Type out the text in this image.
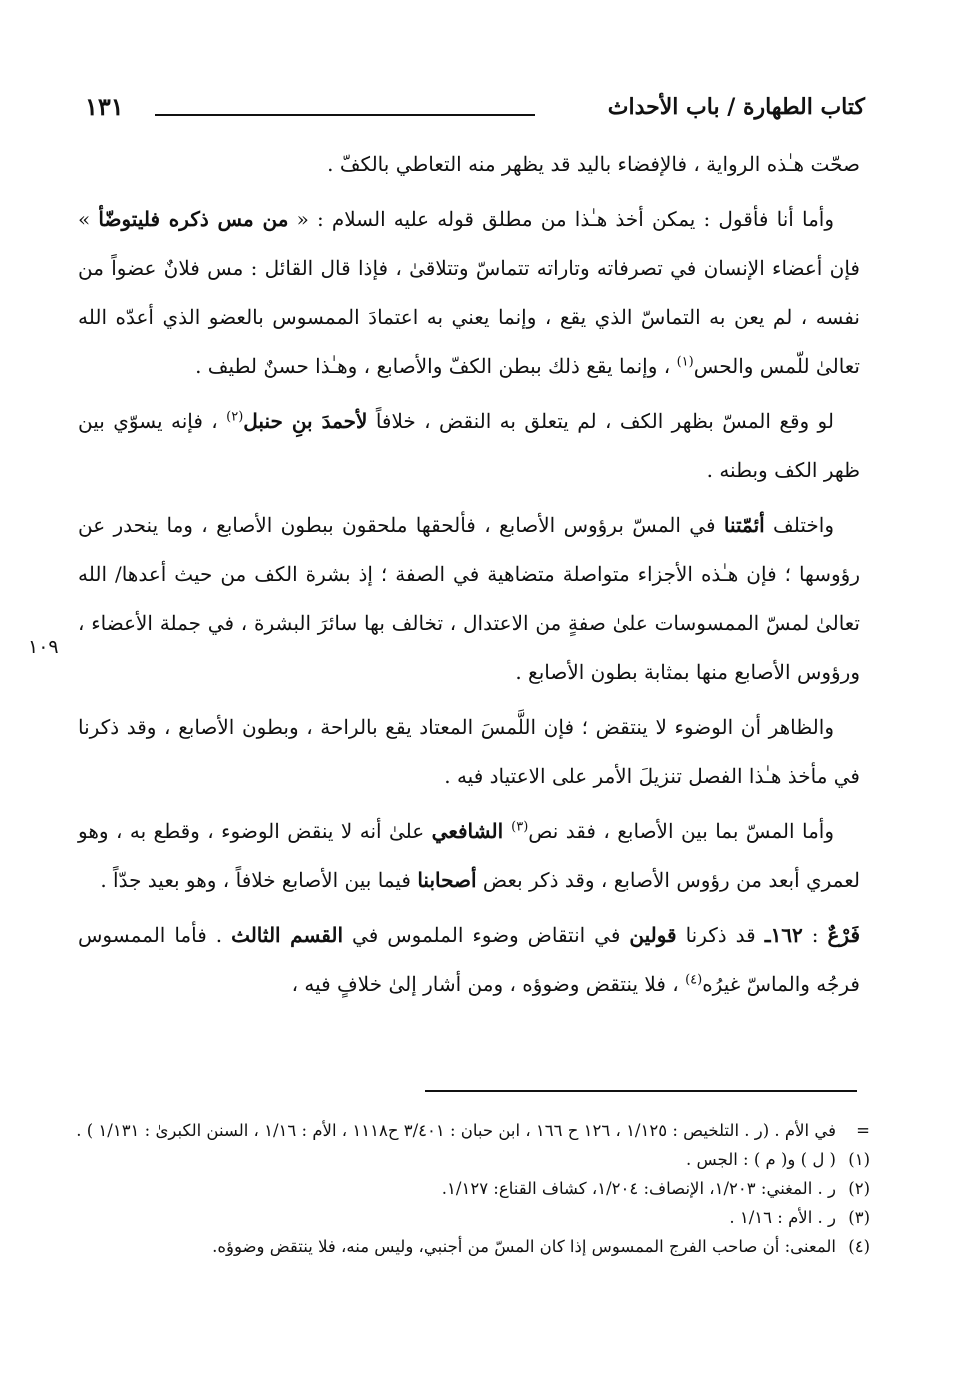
كتاب الطهارة / باب الأحداث
١٣١
١٠٩

صحّت هـٰذه الرواية ، فالإفضاء باليد قد يظهر منه التعاطي بالكفّ .

وأما أنا فأقول : يمكن أخذ هـٰذا من مطلق قوله عليه السلام : « من مس ذكره فليتوضّأ » فإن أعضاء الإنسان في تصرفاته وتاراته تتماسّ وتتلاقىٰ ، فإذا قال القائل : مس فلانٌ عضواً من نفسه ، لم يعن به التماسّ الذي يقع ، وإنما يعني به اعتمادَ الممسوس بالعضو الذي أعدّه الله تعالىٰ للّمس والحس$^{(١)}$ ، وإنما يقع ذلك ببطن الكفّ والأصابع ، وهـٰذا حسنٌ لطيف .

لو وقع المسّ بظهر الكف ، لم يتعلق به النقض ، خلافاً لأحمدَ بنِ حنبل$^{(٢)}$ ، فإنه يسوّي بين ظهر الكف وبطنه .

واختلف أئمّتنا في المسّ برؤوس الأصابع ، فألحقها ملحقون ببطون الأصابع ، وما ينحدر عن رؤوسها ؛ فإن هـٰذه الأجزاء متواصلة متضاهية في الصفة ؛ إذ بشرة الكف من حيث أعدها/ الله تعالىٰ لمسّ الممسوسات علىٰ صفةٍ من الاعتدال ، تخالف بها سائرَ البشرة ، في جملة الأعضاء ، ورؤوس الأصابع منها بمثابة بطون الأصابع .

والظاهر أن الوضوء لا ينتقض ؛ فإن اللَّمسَ المعتاد يقع بالراحة ، وبطون الأصابع ، وقد ذكرنا في مأخذ هـٰذا الفصل تنزيلَ الأمر على الاعتياد فيه .

وأما المسّ بما بين الأصابع ، فقد نص$^{(٣)}$ الشافعي علىٰ أنه لا ينقض الوضوء ، وقطع به ، وهو لعمري أبعد من رؤوس الأصابع ، وقد ذكر بعض أصحابنا فيما بين الأصابع خلافاً ، وهو بعيد جدّاً .

فَرْعٌ : ١٦٢ـ قد ذكرنا قولين في انتقاض وضوء الملموس في القسم الثالث . فأما الممسوس فرجُه والماسّ غيرُه$^{(٤)}$ ، فلا ينتقض وضوؤه ، ومن أشار إلىٰ خلافٍ فيه ،

=
في الأم . (ر . التلخيص : ١/١٢٥ ، ١٢٦ ح ١٦٦ ، ابن حبان : ٣/٤٠١ ح١١١٨ ، الأم : ١/١٦ ، السنن الكبرىٰ : ١/١٣١ ) .
(١)
( ل ) و( م ) : الجس .
(٢)
ر . المغني: ١/٢٠٣، الإنصاف: ١/٢٠٤، كشاف القناع: ١/١٢٧.
(٣)
ر . الأم : ١/١٦ .
(٤)
المعنى: أن صاحب الفرج الممسوس إذا كان المسّ من أجنبي، وليس منه، فلا ينتقض وضوؤه.
